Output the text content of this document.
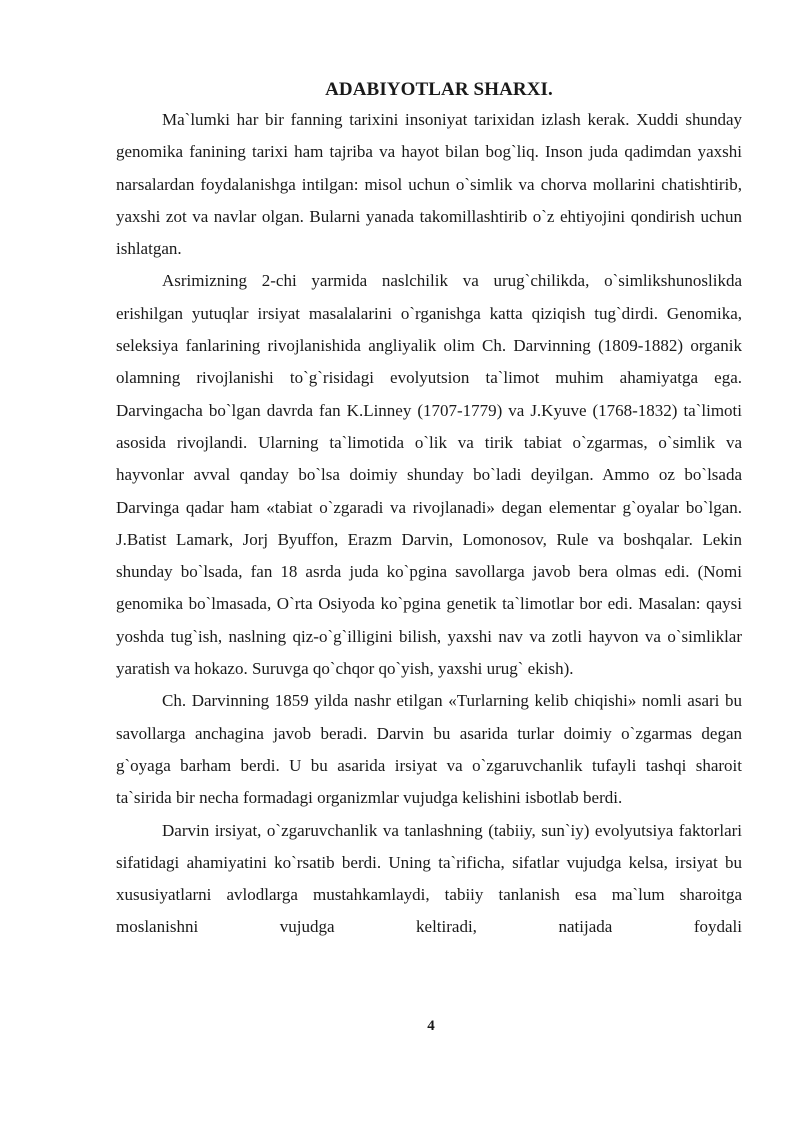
ADABIYOTLAR SHARXI.

Ma`lumki har bir fanning tarixini insoniyat tarixidan izlash kerak. Xuddi shunday genomika fanining tarixi ham tajriba va hayot bilan bog`liq. Inson juda qadimdan yaxshi narsalardan foydalanishga intilgan: misol uchun o`simlik va chorva mollarini chatishtirib, yaxshi zot va navlar olgan. Bularni yanada takomillashtirib o`z ehtiyojini qondirish uchun ishlatgan.

Asrimizning 2-chi yarmida naslchilik va urug`chilikda, o`simlikshunoslikda erishilgan yutuqlar irsiyat masalalarini o`rganishga katta qiziqish tug`dirdi. Genomika, seleksiya fanlarining rivojlanishida angliyalik olim Ch. Darvinning (1809-1882) organik olamning rivojlanishi to`g`risidagi evolyutsion ta`limot muhim ahamiyatga ega. Darvingacha bo`lgan davrda fan K.Linney (1707-1779) va J.Kyuve (1768-1832) ta`limoti asosida rivojlandi. Ularning ta`limotida o`lik va tirik tabiat o`zgarmas, o`simlik va hayvonlar avval qanday bo`lsa doimiy shunday bo`ladi deyilgan. Ammo oz bo`lsada Darvinga qadar ham «tabiat o`zgaradi va rivojlanadi» degan elementar g`oyalar bo`lgan. J.Batist Lamark, Jorj Byuffon, Erazm Darvin, Lomonosov, Rule va boshqalar. Lekin shunday bo`lsada, fan 18 asrda juda ko`pgina savollarga javob bera olmas edi. (Nomi genomika bo`lmasada, O`rta Osiyoda ko`pgina genetik ta`limotlar bor edi. Masalan: qaysi yoshda tug`ish, naslning qiz-o`g`illigini bilish, yaxshi nav va zotli hayvon va o`simliklar yaratish va hokazo. Suruvga qo`chqor qo`yish, yaxshi urug` ekish).

Ch. Darvinning 1859 yilda nashr etilgan «Turlarning kelib chiqishi» nomli asari bu savollarga anchagina javob beradi. Darvin bu asarida turlar doimiy o`zgarmas degan g`oyaga barham berdi. U bu asarida irsiyat va o`zgaruvchanlik tufayli tashqi sharoit ta`sirida bir necha formadagi organizmlar vujudga kelishini isbotlab berdi.

Darvin irsiyat, o`zgaruvchanlik va tanlashning (tabiiy, sun`iy) evolyutsiya faktorlari sifatidagi ahamiyatini ko`rsatib berdi. Uning ta`rificha, sifatlar vujudga kelsa, irsiyat bu xususiyatlarni avlodlarga mustahkamlaydi, tabiiy tanlanish esa ma`lum sharoitga moslanishni vujudga keltiradi, natijada foydali

4
